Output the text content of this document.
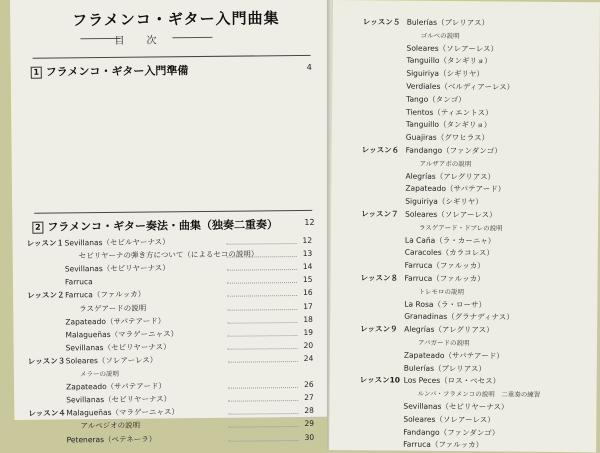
フラメンコ・ギター入門曲集
目　次
1 フラメンコ・ギター入門準備	4
2 フラメンコ・ギター奏法・曲集（独奏二重奏）	12
レッスン１ Sevillanas（セビルヤーナス）	12
セビリヤーナの弾き方について（によるセコの説明）	13
Sevillanas（セビリヤーナス）	14
Farruca	15
レッスン２ Farruca（ファルッカ）	16
ラスゲアードの説明	17
Zapateado（サパテアード）	18
Malagueñas（マラゲーニャス）	19
Sevillanas（セビリヤーナス）	20
レッスン３ Soleares（ソレアーレス）	24
メラーの説明
Zapateado（サパテアード）	26
Sevillanas（セビリヤーナス）	27
レッスン４ Malagueñas（マラゲーニャス）	28
アルペジオの説明	29
Peteneras（ペテネーラ）	30
レッスン５ Bulerías（ブレリアス）
ゴルペの説明
Soleares（ソレアーレス）
Tanguillo（タンギリョ）
Siguiriya（シギリヤ）
Verdiales（ベルディアーレス）
Tango（タンゴ）
Tientos（ティエントス）
Tanguillo（タンギリョ）
Guajiras（グワヒラス）
レッスン６ Fandango（ファンダンゴ）
アルザアポの説明
Alegrías（アレグリアス）
Zapateado（サパテアード）
Siguiriya（シギリヤ）
レッスン７ Soleares（ソレアーレス）
ラスゲアード・ドブレの説明
La Caña（ラ・カーニャ）
Caracoles（カラコレス）
Farruca（ファルッカ）
レッスン８ Farruca（ファルッカ）
トレモロの説明
La Rosa（ラ・ローサ）
Granadinas（グラナディナス）
レッスン９ Alegrías（アレグリアス）
アパガードの説明
Zapateado（サパテアード）
Bulerías（ブレリアス）
レッスン10 Los Peces（ロス・ペセス）
ルンバ・フラメンコの説明　二重奏の練習
Sevillanas（セビリヤーナス）
Soleares（ソレアーレス）
Fandango（ファンダンゴ）
Farruca（ファルッカ）
